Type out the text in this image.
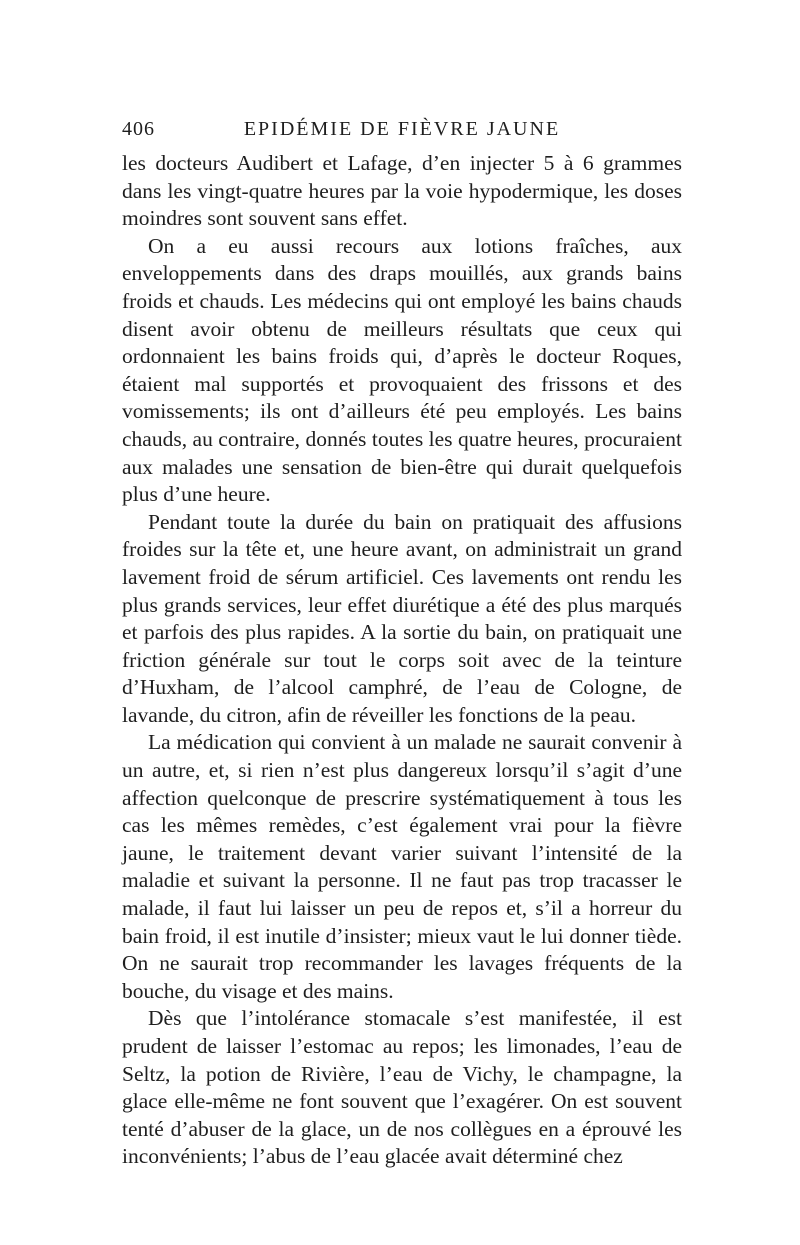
406	EPIDÉMIE DE FIÈVRE JAUNE

les docteurs Audibert et Lafage, d’en injecter 5 à 6 grammes dans les vingt-quatre heures par la voie hypodermique, les doses moindres sont souvent sans effet.

On a eu aussi recours aux lotions fraîches, aux enveloppements dans des draps mouillés, aux grands bains froids et chauds. Les médecins qui ont employé les bains chauds disent avoir obtenu de meilleurs résultats que ceux qui ordonnaient les bains froids qui, d’après le docteur Roques, étaient mal supportés et provoquaient des frissons et des vomissements; ils ont d’ailleurs été peu employés. Les bains chauds, au contraire, donnés toutes les quatre heures, procuraient aux malades une sensation de bien-être qui durait quelquefois plus d’une heure.

Pendant toute la durée du bain on pratiquait des affusions froides sur la tête et, une heure avant, on administrait un grand lavement froid de sérum artificiel. Ces lavements ont rendu les plus grands services, leur effet diurétique a été des plus marqués et parfois des plus rapides. A la sortie du bain, on pratiquait une friction générale sur tout le corps soit avec de la teinture d’Huxham, de l’alcool camphré, de l’eau de Cologne, de lavande, du citron, afin de réveiller les fonctions de la peau.

La médication qui convient à un malade ne saurait convenir à un autre, et, si rien n’est plus dangereux lorsqu’il s’agit d’une affection quelconque de prescrire systématiquement à tous les cas les mêmes remèdes, c’est également vrai pour la fièvre jaune, le traitement devant varier suivant l’intensité de la maladie et suivant la personne. Il ne faut pas trop tracasser le malade, il faut lui laisser un peu de repos et, s’il a horreur du bain froid, il est inutile d’insister; mieux vaut le lui donner tiède. On ne saurait trop recommander les lavages fréquents de la bouche, du visage et des mains.

Dès que l’intolérance stomacale s’est manifestée, il est prudent de laisser l’estomac au repos; les limonades, l’eau de Seltz, la potion de Rivière, l’eau de Vichy, le champagne, la glace elle-même ne font souvent que l’exagérer. On est souvent tenté d’abuser de la glace, un de nos collègues en a éprouvé les inconvénients; l’abus de l’eau glacée avait déterminé chez
